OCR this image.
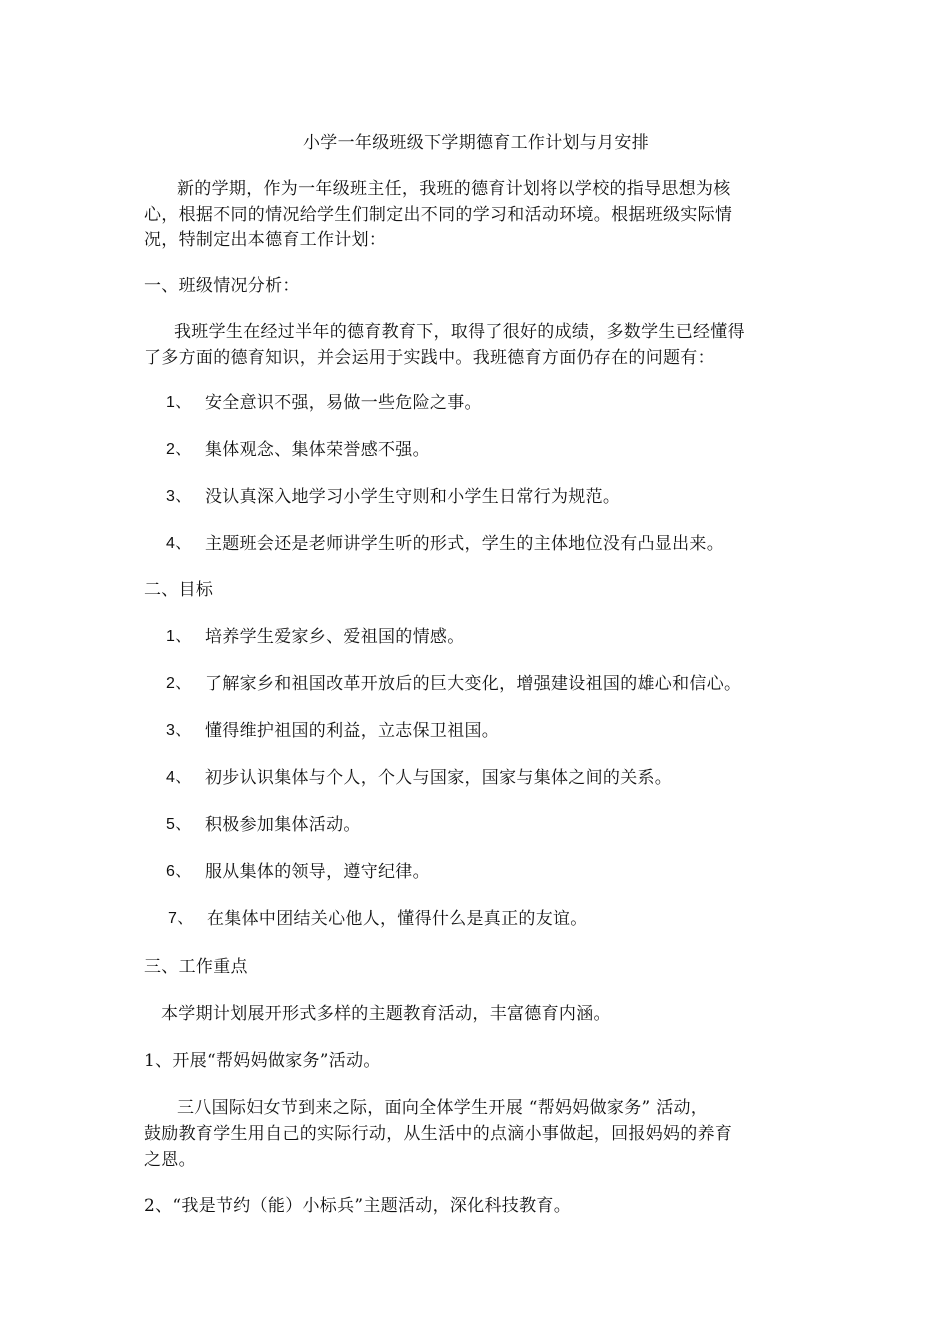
小学一年级班级下学期德育工作计划与月安排
新的学期，作为一年级班主任，我班的德育计划将以学校的指导思想为核
心，根据不同的情况给学生们制定出不同的学习和活动环境。根据班级实际情
况，特制定出本德育工作计划：
一、班级情况分析：
我班学生在经过半年的德育教育下，取得了很好的成绩，多数学生已经懂得
了多方面的德育知识，并会运用于实践中。我班德育方面仍存在的问题有：
1、 安全意识不强，易做一些危险之事。
2、 集体观念、集体荣誉感不强。
3、 没认真深入地学习小学生守则和小学生日常行为规范。
4、 主题班会还是老师讲学生听的形式，学生的主体地位没有凸显出来。
二、目标
1、 培养学生爱家乡、爱祖国的情感。
2、 了解家乡和祖国改革开放后的巨大变化，增强建设祖国的雄心和信心。
3、 懂得维护祖国的利益，立志保卫祖国。
4、 初步认识集体与个人，个人与国家，国家与集体之间的关系。
5、 积极参加集体活动。
6、 服从集体的领导，遵守纪律。
7、 在集体中团结关心他人，懂得什么是真正的友谊。
三、工作重点
本学期计划展开形式多样的主题教育活动，丰富德育内涵。
1、开展“帮妈妈做家务”活动。
三八国际妇女节到来之际，面向全体学生开展 “帮妈妈做家务” 活动，
鼓励教育学生用自己的实际行动，从生活中的点滴小事做起，回报妈妈的养育
之恩。
2、“我是节约（能）小标兵”主题活动，深化科技教育。
